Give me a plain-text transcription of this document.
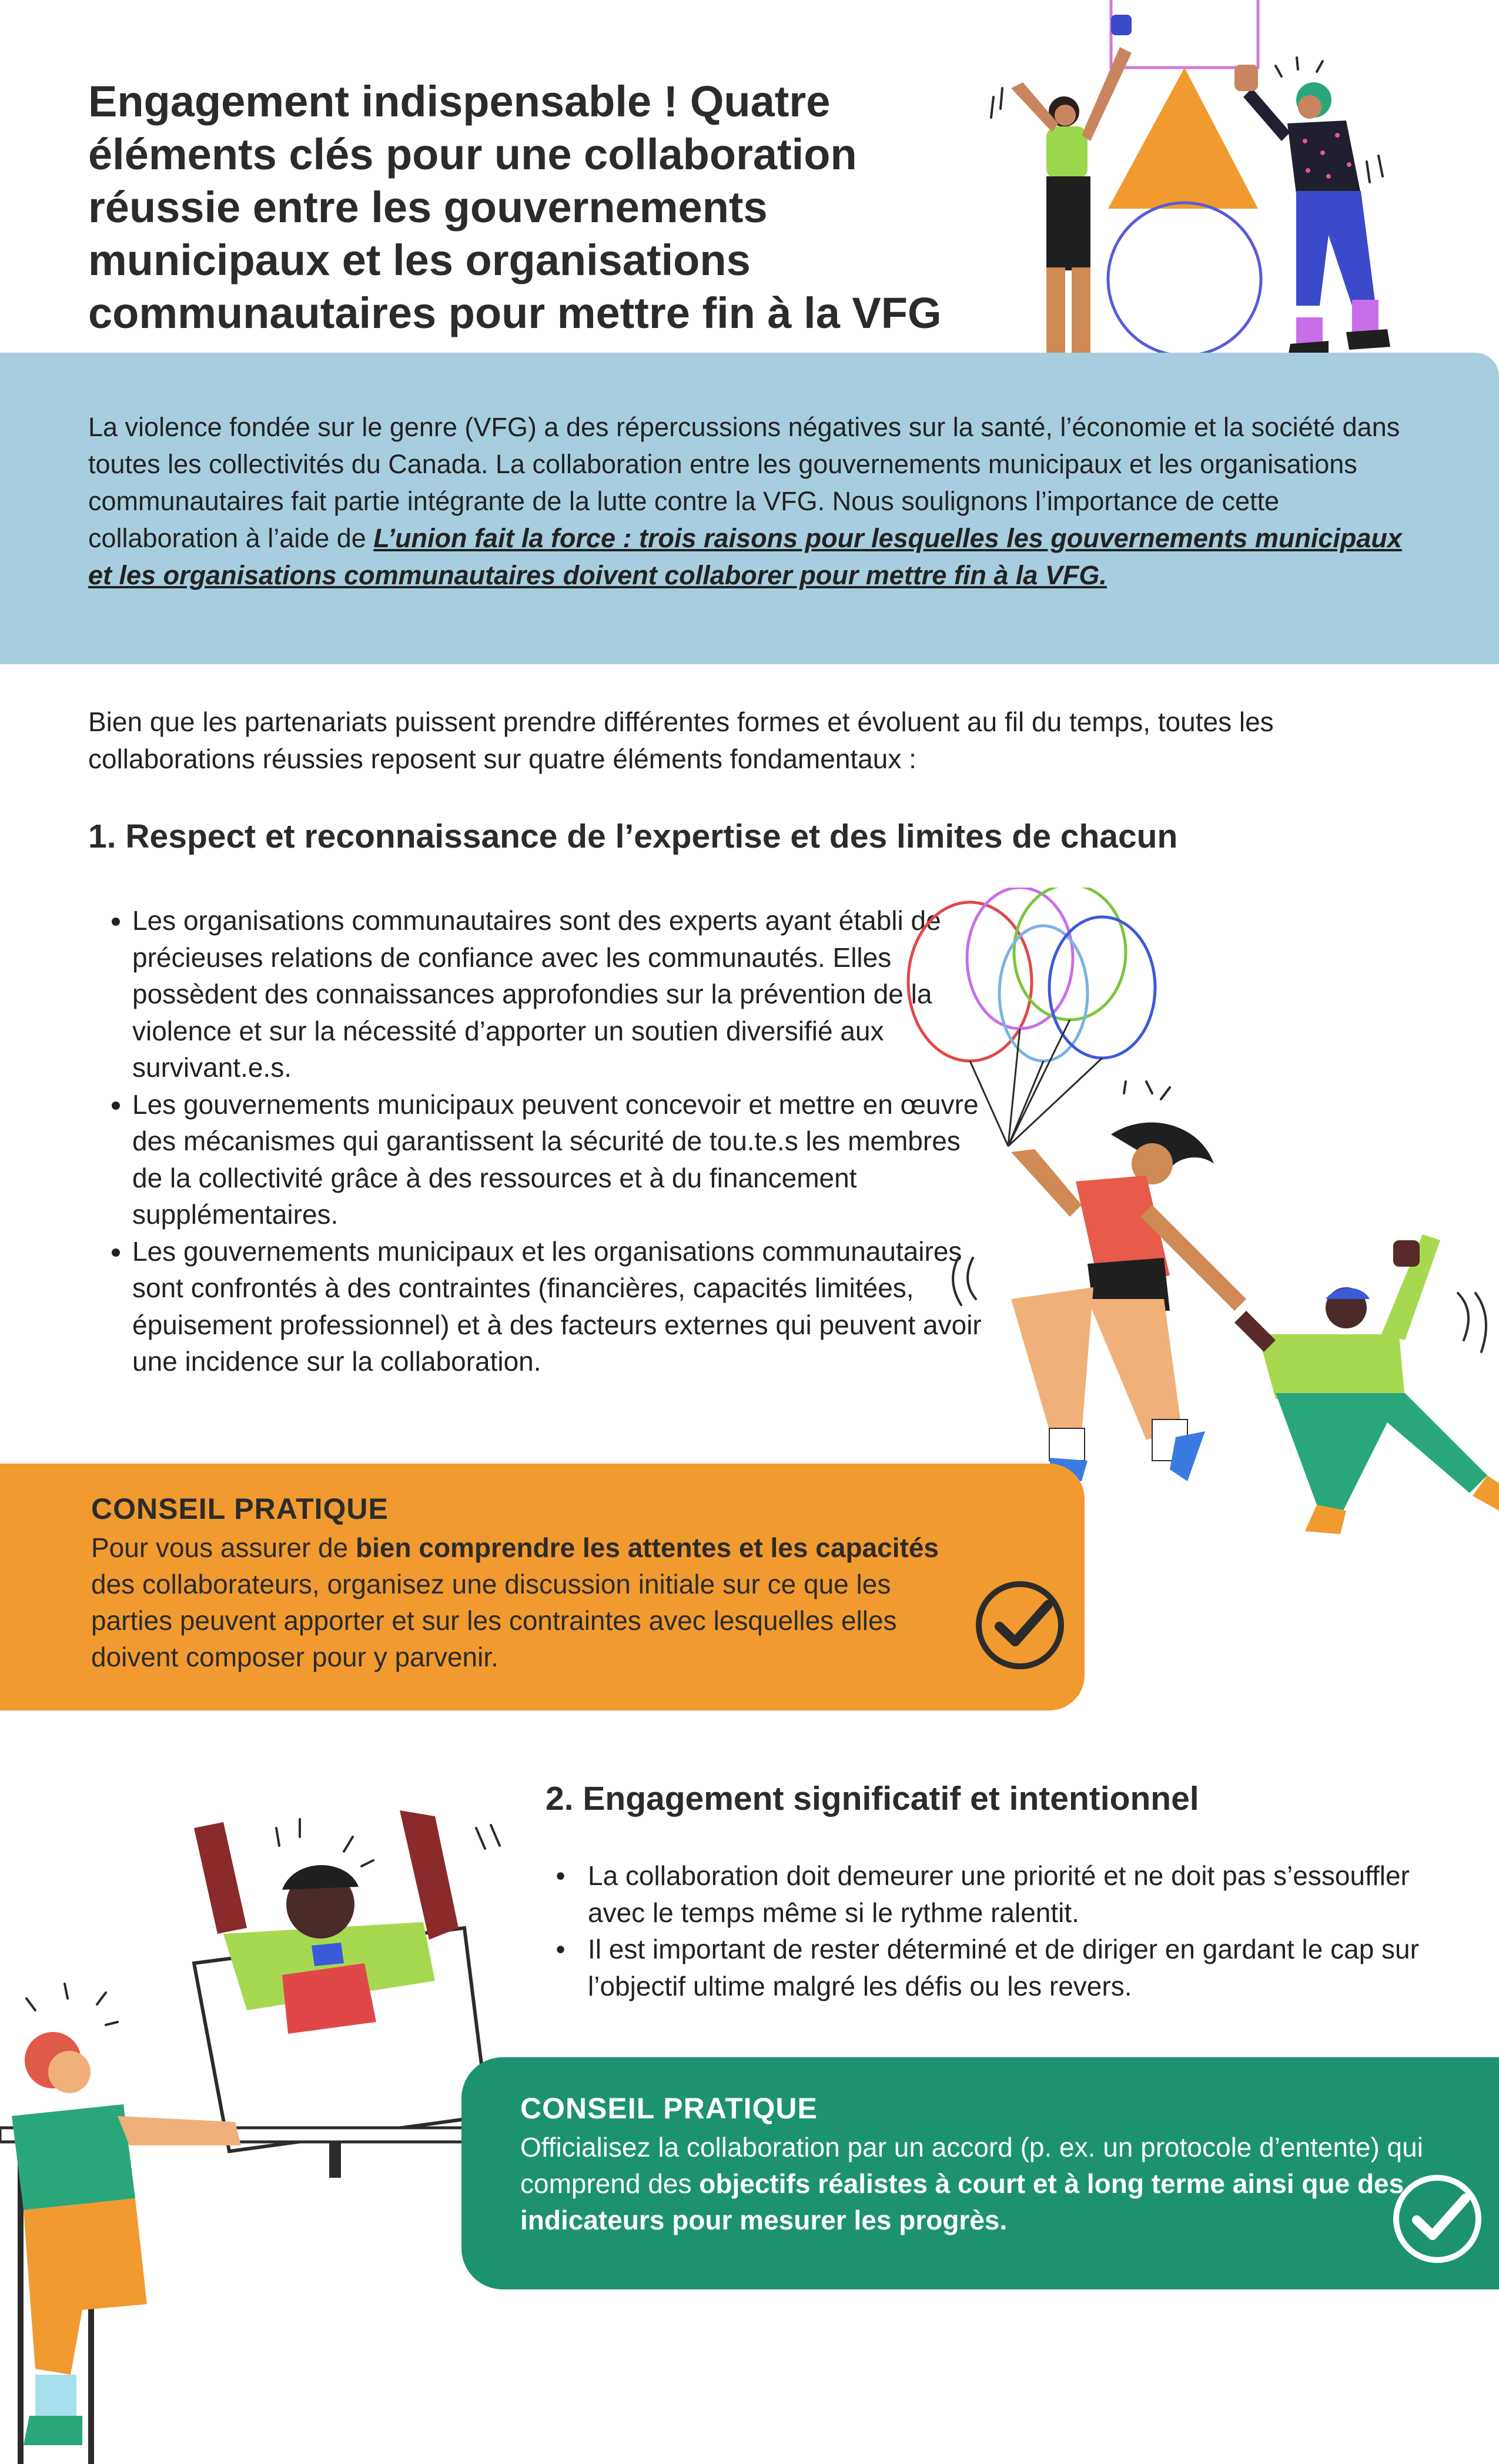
Engagement indispensable ! Quatre éléments clés pour une collaboration réussie entre les gouvernements municipaux et les organisations communautaires pour mettre fin à la VFG

La violence fondée sur le genre (VFG) a des répercussions négatives sur la santé, l’économie et la société dans toutes les collectivités du Canada. La collaboration entre les gouvernements municipaux et les organisations communautaires fait partie intégrante de la lutte contre la VFG. Nous soulignons l’importance de cette collaboration à l’aide de L’union fait la force : trois raisons pour lesquelles les gouvernements municipaux et les organisations communautaires doivent collaborer pour mettre fin à la VFG.

Bien que les partenariats puissent prendre différentes formes et évoluent au fil du temps, toutes les collaborations réussies reposent sur quatre éléments fondamentaux :

1. Respect et reconnaissance de l’expertise et des limites de chacun
• Les organisations communautaires sont des experts ayant établi de précieuses relations de confiance avec les communautés. Elles possèdent des connaissances approfondies sur la prévention de la violence et sur la nécessité d’apporter un soutien diversifié aux survivant.e.s.
• Les gouvernements municipaux peuvent concevoir et mettre en œuvre des mécanismes qui garantissent la sécurité de tou.te.s les membres de la collectivité grâce à des ressources et à du financement supplémentaires.
• Les gouvernements municipaux et les organisations communautaires sont confrontés à des contraintes (financières, capacités limitées, épuisement professionnel) et à des facteurs externes qui peuvent avoir une incidence sur la collaboration.
CONSEIL PRATIQUE

Pour vous assurer de bien comprendre les attentes et les capacités des collaborateurs, organisez une discussion initiale sur ce que les parties peuvent apporter et sur les contraintes avec lesquelles elles doivent composer pour y parvenir.

2. Engagement significatif et intentionnel
• La collaboration doit demeurer une priorité et ne doit pas s’essouffler avec le temps même si le rythme ralentit.
• Il est important de rester déterminé et de diriger en gardant le cap sur l’objectif ultime malgré les défis ou les revers.
CONSEIL PRATIQUE

Officialisez la collaboration par un accord (p. ex. un protocole d’entente) qui comprend des objectifs réalistes à court et à long terme ainsi que des indicateurs pour mesurer les progrès.
